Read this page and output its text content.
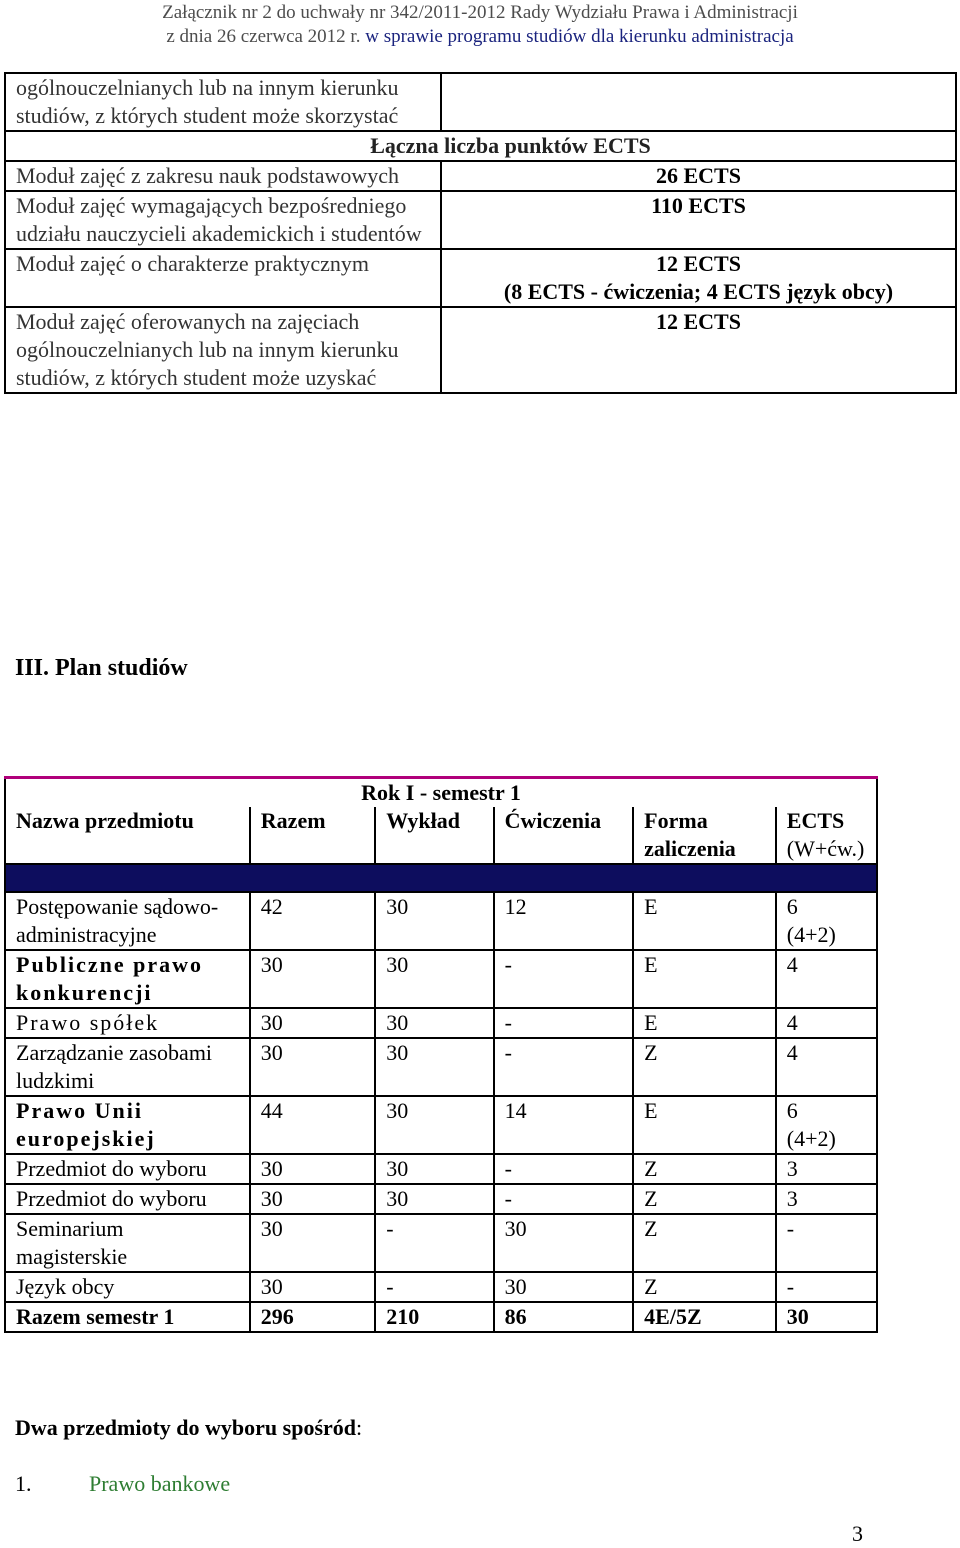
Załącznik nr 2 do uchwały nr 342/2011-2012 Rady Wydziału Prawa i Administracji
z dnia 26 czerwca 2012 r. w sprawie programu studiów dla kierunku administracja
ogólnouczelnianych lub na innym kierunku studiów, z których student może skorzystać	
Łączna liczba punktów ECTS	
Moduł zajęć z zakresu nauk podstawowych	26 ECTS
Moduł zajęć wymagających bezpośredniego udziału nauczycieli akademickich i studentów	110 ECTS
Moduł zajęć o charakterze praktycznym	12 ECTS
(8 ECTS - ćwiczenia; 4 ECTS język obcy)

Moduł zajęć oferowanych na zajęciach ogólnouczelnianych lub na innym kierunku studiów, z których student może uzyskać	12 ECTS
III. Plan studiów
Rok I - semestr 1					
Nazwa przedmiotu	Razem	Wykład	Ćwiczenia	Forma zaliczenia	ECTS
(W+ćw.)

Postępowanie sądowo-administracyjne	42	30	12	E	6
(4+2)

Publiczne prawo konkurencji	30	30	-	E	4
Prawo spółek	30	30	-	E	4
Zarządzanie zasobami ludzkimi	30	30	-	Z	4
Prawo Unii europejskiej	44	30	14	E	6
(4+2)

Przedmiot do wyboru	30	30	-	Z	3
Przedmiot do wyboru	30	30	-	Z	3
Seminarium magisterskie	30	-	30	Z	-
Język obcy	30	-	30	Z	-
Razem semestr 1	296	210	86	4E/5Z	30
Dwa przedmioty do wyboru spośród:
1.	Prawo bankowe
3
